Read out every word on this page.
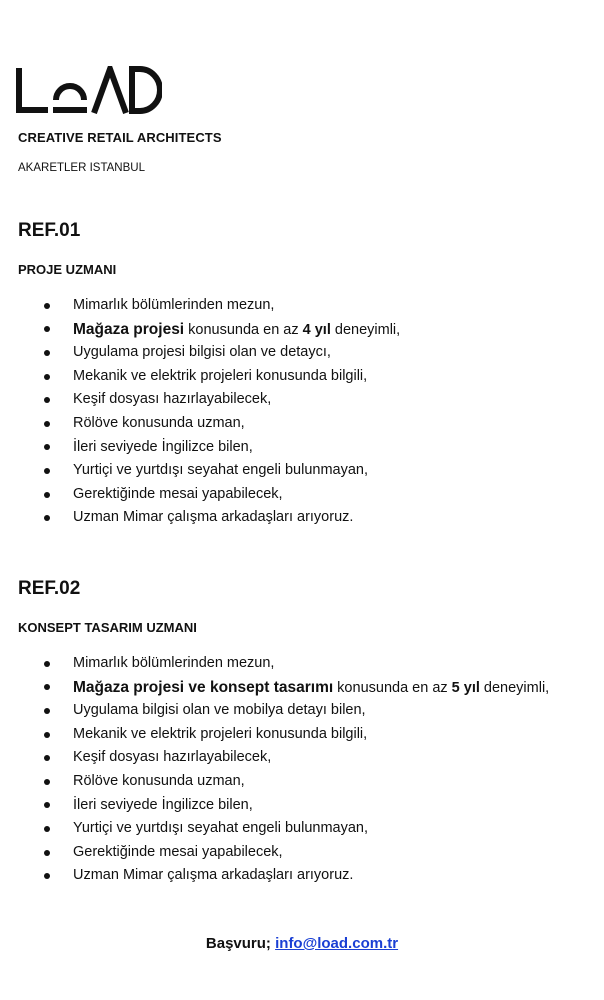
CREATIVE RETAIL ARCHITECTS
AKARETLER ISTANBUL
REF.01
PROJE UZMANI
Mimarlık bölümlerinden mezun,
Mağaza projesi konusunda en az 4 yıl deneyimli,
Uygulama projesi bilgisi olan ve detaycı,
Mekanik ve elektrik projeleri konusunda bilgili,
Keşif dosyası hazırlayabilecek,
Rölöve konusunda uzman,
İleri seviyede İngilizce bilen,
Yurtiçi ve yurtdışı seyahat engeli bulunmayan,
Gerektiğinde mesai yapabilecek,
Uzman Mimar çalışma arkadaşları arıyoruz.
REF.02
KONSEPT TASARIM UZMANI
Mimarlık bölümlerinden mezun,
Mağaza projesi ve konsept tasarımı konusunda en az 5 yıl deneyimli,
Uygulama bilgisi olan ve mobilya detayı bilen,
Mekanik ve elektrik projeleri konusunda bilgili,
Keşif dosyası hazırlayabilecek,
Rölöve konusunda uzman,
İleri seviyede İngilizce bilen,
Yurtiçi ve yurtdışı seyahat engeli bulunmayan,
Gerektiğinde mesai yapabilecek,
Uzman Mimar çalışma arkadaşları arıyoruz.
Başvuru; info@load.com.tr
